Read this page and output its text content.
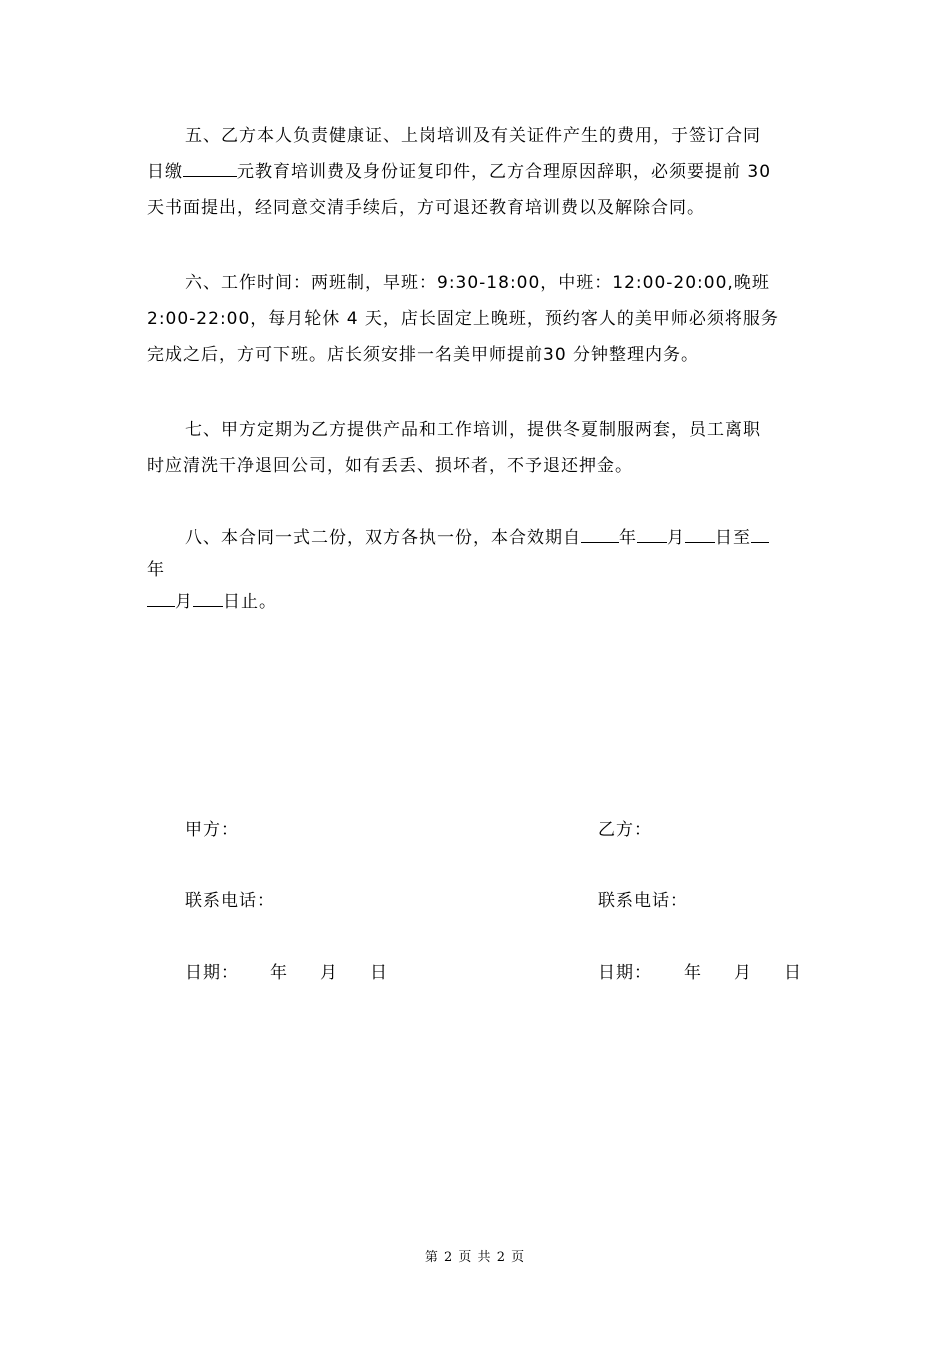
五、乙方本人负责健康证、上岗培训及有关证件产生的费用，于签订合同
日缴	元教育培训费及身份证复印件，乙方合理原因辞职，必须要提前 30
天书面提出，经同意交清手续后，方可退还教育培训费以及解除合同。
六、工作时间：两班制，早班：9:30-18:00，中班：12:00-20:00,晚班
2:00-22:00，每月轮休 4 天，店长固定上晚班，预约客人的美甲师必须将服务
完成之后，方可下班。店长须安排一名美甲师提前30 分钟整理内务。
七、甲方定期为乙方提供产品和工作培训，提供冬夏制服两套，员工离职
时应清洗干净退回公司，如有丢丢、损坏者，不予退还押金。
八、本合同一式二份，双方各执一份，本合效期自 年 月 日至
年
月 日止。
甲方：
联系电话：
日期： 年 月 日
乙方：
联系电话：
日期： 年 月 日
第 2 页 共 2 页
